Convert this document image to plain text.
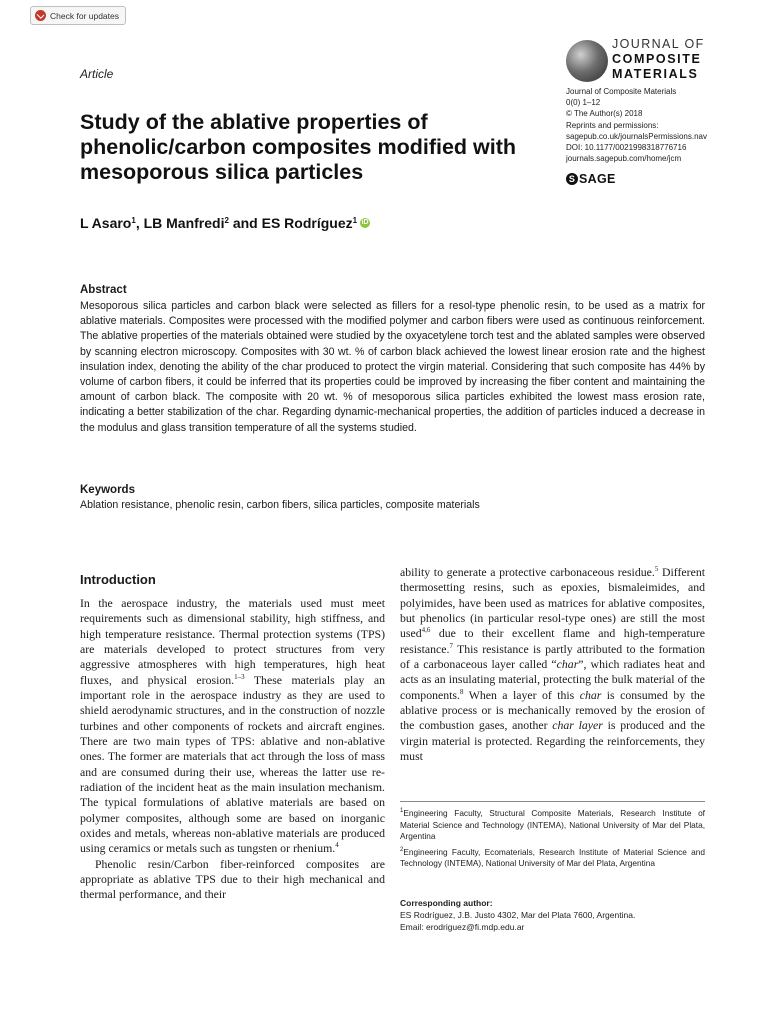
Check for updates
Article
JOURNAL OF
COMPOSITE
MATERIALS
Journal of Composite Materials
0(0) 1–12
© The Author(s) 2018
Reprints and permissions:
sagepub.co.uk/journalsPermissions.nav
DOI: 10.1177/0021998318776716
journals.sagepub.com/home/jcm
S SAGE
Study of the ablative properties of phenolic/carbon composites modified with mesoporous silica particles
L Asaro$^1$ , LB Manfredi$^2$ and ES Rodríguez$^1$ iD
Abstract
Mesoporous silica particles and carbon black were selected as fillers for a resol-type phenolic resin, to be used as a matrix for ablative materials. Composites were processed with the modified polymer and carbon fibers were used as continuous reinforcement. The ablative properties of the materials obtained were studied by the oxyacetylene torch test and the ablated samples were observed by scanning electron microscopy. Composites with 30 wt. % of carbon black achieved the lowest linear erosion rate and the highest insulation index, denoting the ability of the char produced to protect the virgin material. Considering that such composite has 44% by volume of carbon fibers, it could be inferred that its properties could be improved by increasing the fiber content and maintaining the amount of carbon black. The composite with 20 wt. % of mesoporous silica particles exhibited the lowest mass erosion rate, indicating a better stabilization of the char. Regarding dynamic-mechanical properties, the addition of particles induced a decrease in the modulus and glass transition temperature of all the systems studied.
Keywords
Ablation resistance, phenolic resin, carbon fibers, silica particles, composite materials
Introduction

In the aerospace industry, the materials used must meet requirements such as dimensional stability, high stiffness, and high temperature resistance. Thermal protection systems (TPS) are materials developed to protect structures from very aggressive atmospheres with high temperatures, high heat fluxes, and physical erosion.$^{1-3}$ These materials play an important role in the aerospace industry as they are used to shield aerodynamic structures, and in the construction of nozzle turbines and other components of rockets and aircraft engines. There are two main types of TPS: ablative and non-ablative ones. The former are materials that act through the loss of mass and are consumed during their use, whereas the latter use re-radiation of the incident heat as the main insulation mechanism. The typical formulations of ablative materials are based on polymer composites, although some are based on inorganic oxides and metals, whereas non-ablative materials are produced using ceramics or metals such as tungsten or rhenium.$^4$

Phenolic resin/Carbon fiber-reinforced composites are appropriate as ablative TPS due to their high mechanical and thermal performance, and their

ability to generate a protective carbonaceous residue.$^5$ Different thermosetting resins, such as epoxies, bismaleimides, and polyimides, have been used as matrices for ablative composites, but phenolics (in particular resol-type ones) are still the most used$^{4,6}$ due to their excellent flame and high-temperature resistance.$^7$ This resistance is partly attributed to the formation of a carbonaceous layer called “char”, which radiates heat and acts as an insulating material, protecting the bulk material of the components.$^8$ When a layer of this char is consumed by the ablative process or is mechanically removed by the erosion of the combustion gases, another char layer is produced and the virgin material is protected. Regarding the reinforcements, they must

$^1$Engineering Faculty, Structural Composite Materials, Research Institute of Material Science and Technology (INTEMA), National University of Mar del Plata, Argentina

$^2$Engineering Faculty, Ecomaterials, Research Institute of Material Science and Technology (INTEMA), National University of Mar del Plata, Argentina

Corresponding author:
ES Rodríguez, J.B. Justo 4302, Mar del Plata 7600, Argentina.
Email: erodriguez@fi.mdp.edu.ar
